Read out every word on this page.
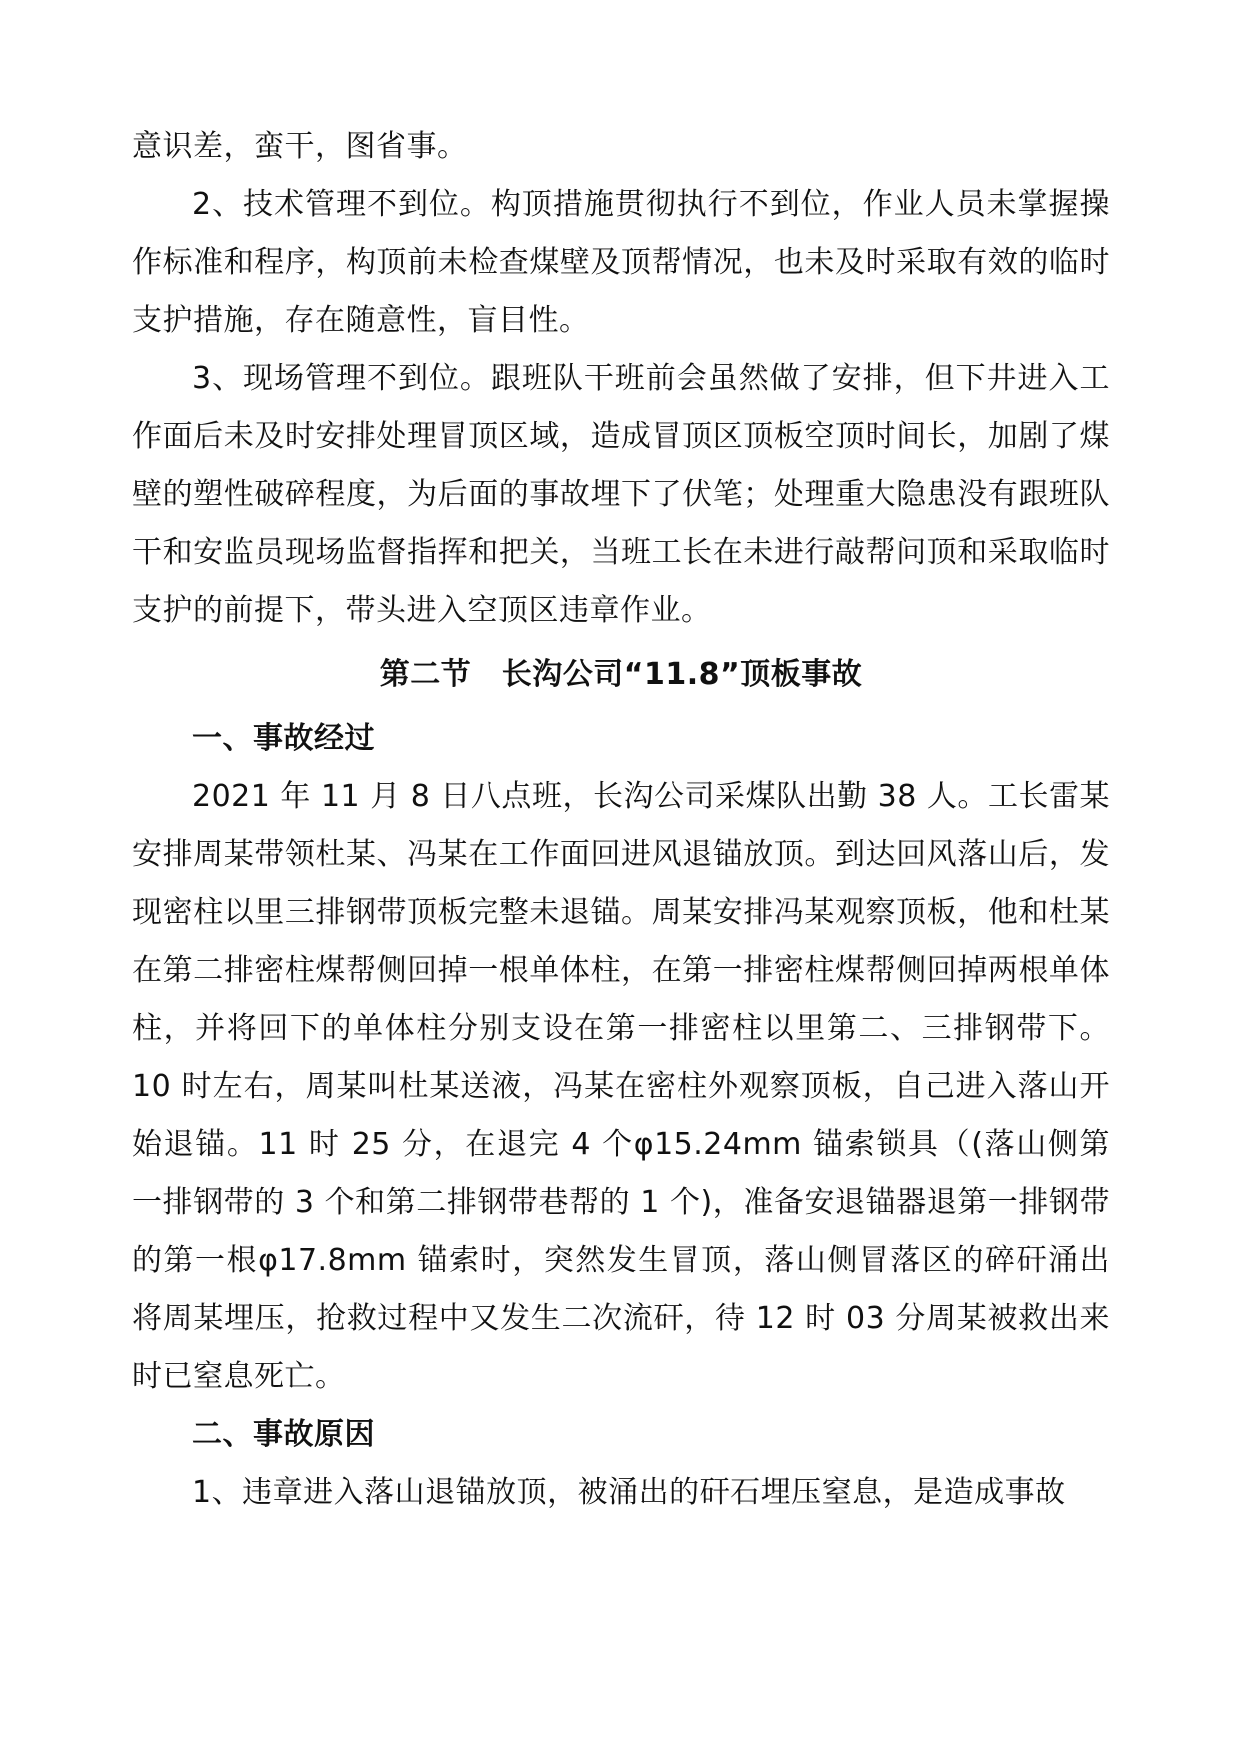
意识差，蛮干，图省事。

2、技术管理不到位。构顶措施贯彻执行不到位，作业人员未掌握操作标准和程序，构顶前未检查煤壁及顶帮情况，也未及时采取有效的临时支护措施，存在随意性，盲目性。

3、现场管理不到位。跟班队干班前会虽然做了安排，但下井进入工作面后未及时安排处理冒顶区域，造成冒顶区顶板空顶时间长，加剧了煤壁的塑性破碎程度，为后面的事故埋下了伏笔；处理重大隐患没有跟班队干和安监员现场监督指挥和把关，当班工长在未进行敲帮问顶和采取临时支护的前提下，带头进入空顶区违章作业。

第二节　长沟公司“11.8”顶板事故

一、事故经过

2021 年 11 月 8 日八点班，长沟公司采煤队出勤 38 人。工长雷某安排周某带领杜某、冯某在工作面回进风退锚放顶。到达回风落山后，发现密柱以里三排钢带顶板完整未退锚。周某安排冯某观察顶板，他和杜某在第二排密柱煤帮侧回掉一根单体柱，在第一排密柱煤帮侧回掉两根单体柱，并将回下的单体柱分别支设在第一排密柱以里第二、三排钢带下。10 时左右，周某叫杜某送液，冯某在密柱外观察顶板，自己进入落山开始退锚。11 时 25 分，在退完 4 个φ15.24mm 锚索锁具（(落山侧第一排钢带的 3 个和第二排钢带巷帮的 1 个)，准备安退锚器退第一排钢带的第一根φ17.8mm 锚索时，突然发生冒顶，落山侧冒落区的碎矸涌出将周某埋压，抢救过程中又发生二次流矸，待 12 时 03 分周某被救出来时已窒息死亡。

二、事故原因

1、违章进入落山退锚放顶，被涌出的矸石埋压窒息，是造成事故
